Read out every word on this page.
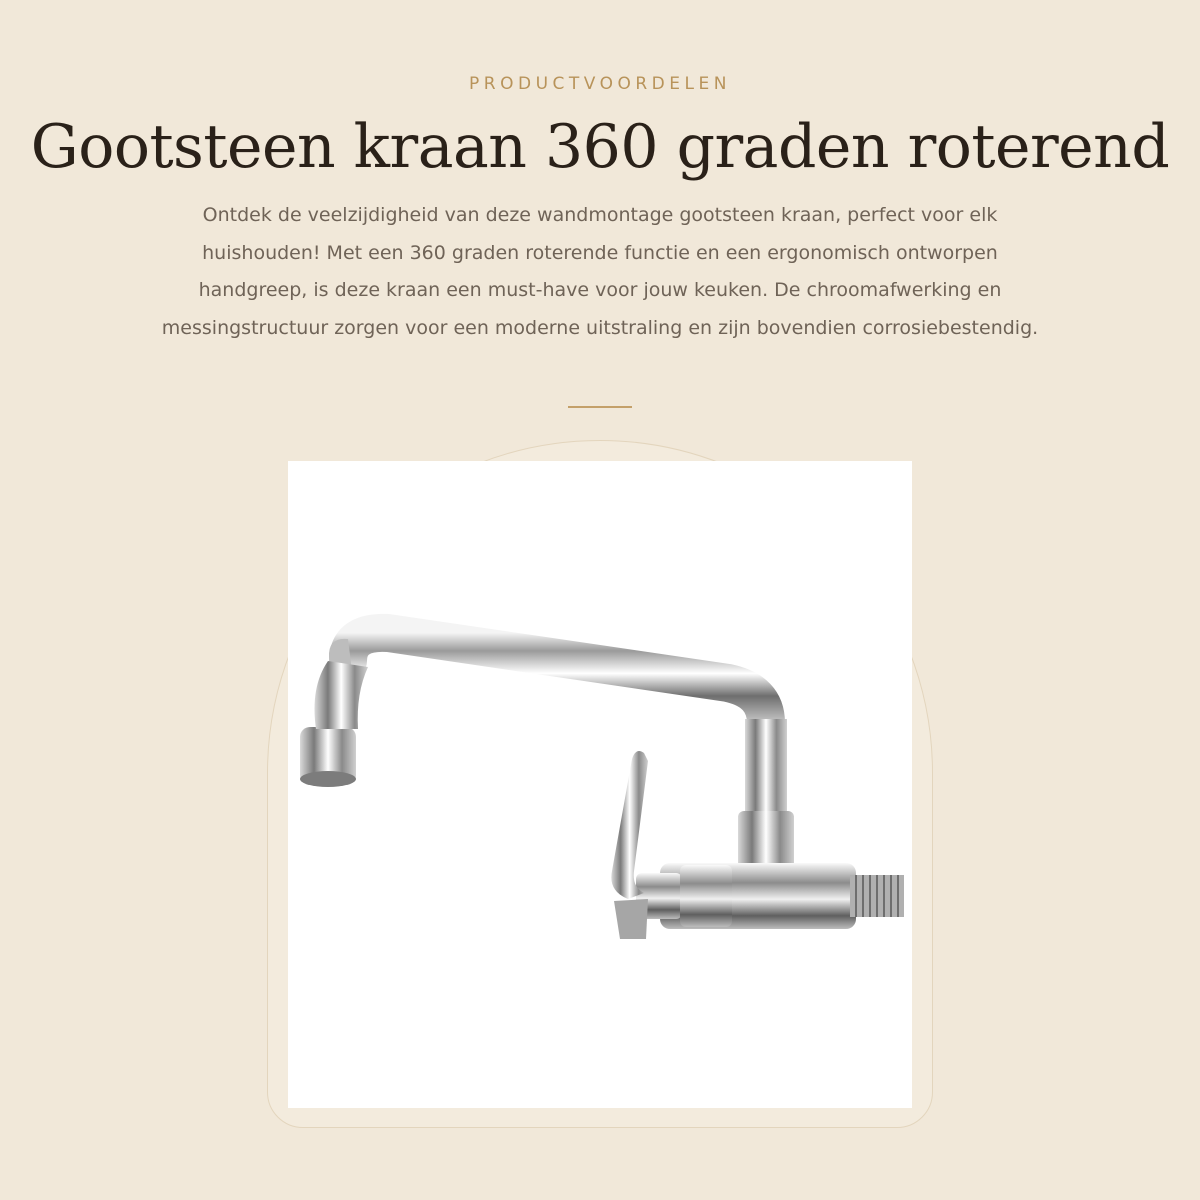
PRODUCTVOORDELEN
Gootsteen kraan 360 graden roterend
Ontdek de veelzijdigheid van deze wandmontage gootsteen kraan, perfect voor elk huishouden! Met een 360 graden roterende functie en een ergonomisch ontworpen handgreep, is deze kraan een must-have voor jouw keuken. De chroomafwerking en messingstructuur zorgen voor een moderne uitstraling en zijn bovendien corrosiebestendig.
